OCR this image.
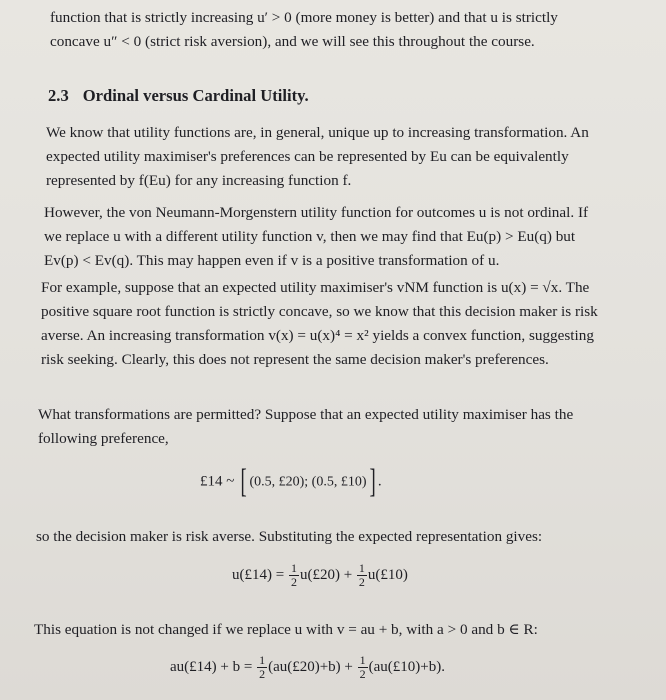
function that is strictly increasing u′ > 0 (more money is better) and that u is strictly concave u″ < 0 (strict risk aversion), and we will see this throughout the course.
2.3 Ordinal versus Cardinal Utility.
We know that utility functions are, in general, unique up to increasing transformation. An expected utility maximiser's preferences can be represented by Eu can be equivalently represented by f(Eu) for any increasing function f.
However, the von Neumann-Morgenstern utility function for outcomes u is not ordinal. If we replace u with a different utility function v, then we may find that Eu(p) > Eu(q) but Ev(p) < Ev(q). This may happen even if v is a positive transformation of u.
For example, suppose that an expected utility maximiser's vNM function is u(x) = √x. The positive square root function is strictly concave, so we know that this decision maker is risk averse. An increasing transformation v(x) = u(x)⁴ = x² yields a convex function, suggesting risk seeking. Clearly, this does not represent the same decision maker's preferences.
What transformations are permitted? Suppose that an expected utility maximiser has the following preference,
£14 ~ [ (0.5, £20); (0.5, £10)] .
so the decision maker is risk averse. Substituting the expected representation gives:
u(£14) = $\frac{1}{2}$ u(£20) + $\frac{1}{2}$ u(£10)
This equation is not changed if we replace u with v = au + b, with a > 0 and b ∈ R:
au(£14) + $b = \frac{1}{2}$ (au(£20)+b) + $\frac{1}{2}$ (au(£10)+b).
